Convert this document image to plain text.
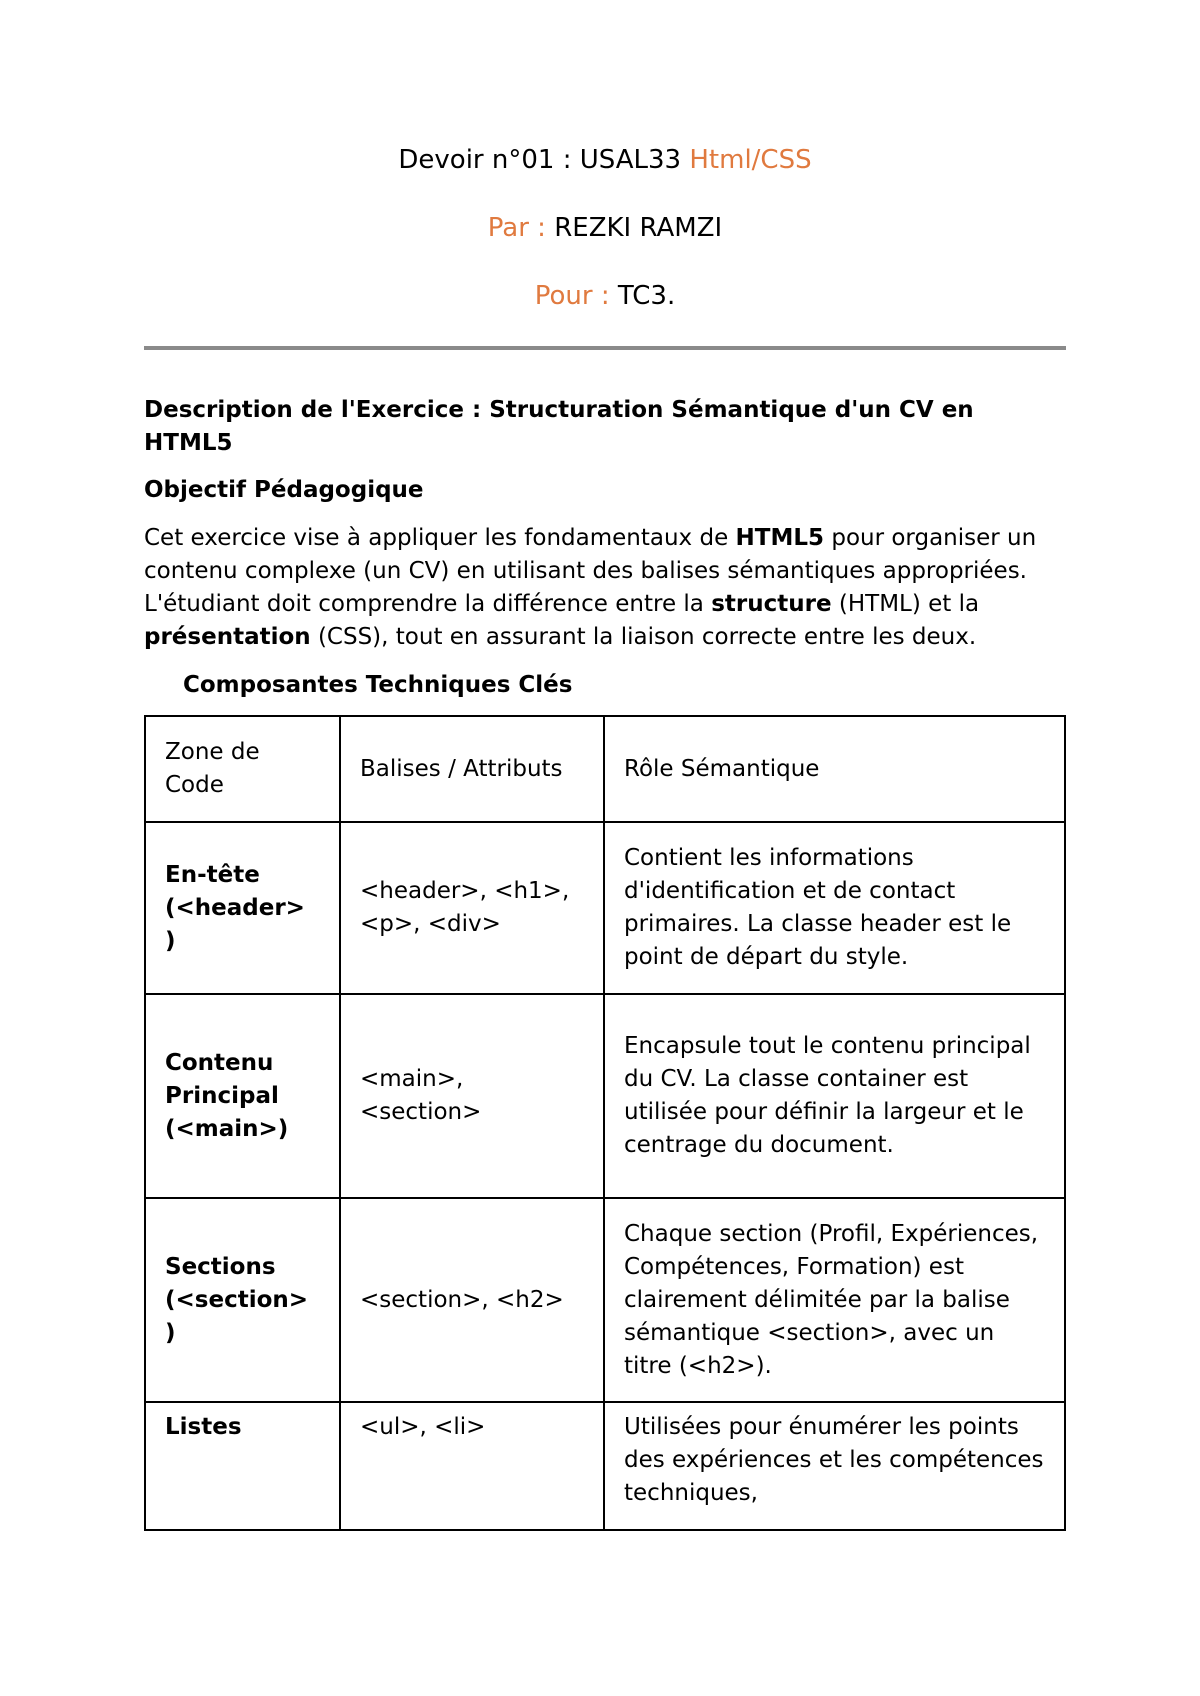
Devoir n°01 : USAL33 Html/CSS
Par : REZKI RAMZI
Pour : TC3.
Description de l'Exercice : Structuration Sémantique d'un CV en HTML5
Objectif Pédagogique
Cet exercice vise à appliquer les fondamentaux de HTML5 pour organiser un contenu complexe (un CV) en utilisant des balises sémantiques appropriées. L'étudiant doit comprendre la différence entre la structure (HTML) et la présentation (CSS), tout en assurant la liaison correcte entre les deux.
Composantes Techniques Clés
Zone de Code	Balises / Attributs	Rôle Sémantique
En-tête (<header> )	<header>, <h1>, <p>, <div>	Contient les informations d'identification et de contact primaires. La classe header est le point de départ du style.
Contenu Principal (<main>)	<main>, <section>	Encapsule tout le contenu principal du CV. La classe container est utilisée pour définir la largeur et le centrage du document.
Sections (<section> )	<section>, <h2>	Chaque section (Profil, Expériences, Compétences, Formation) est clairement délimitée par la balise sémantique <section>, avec un titre (<h2>).
Listes	<ul>, <li>	Utilisées pour énumérer les points des expériences et les compétences techniques,
